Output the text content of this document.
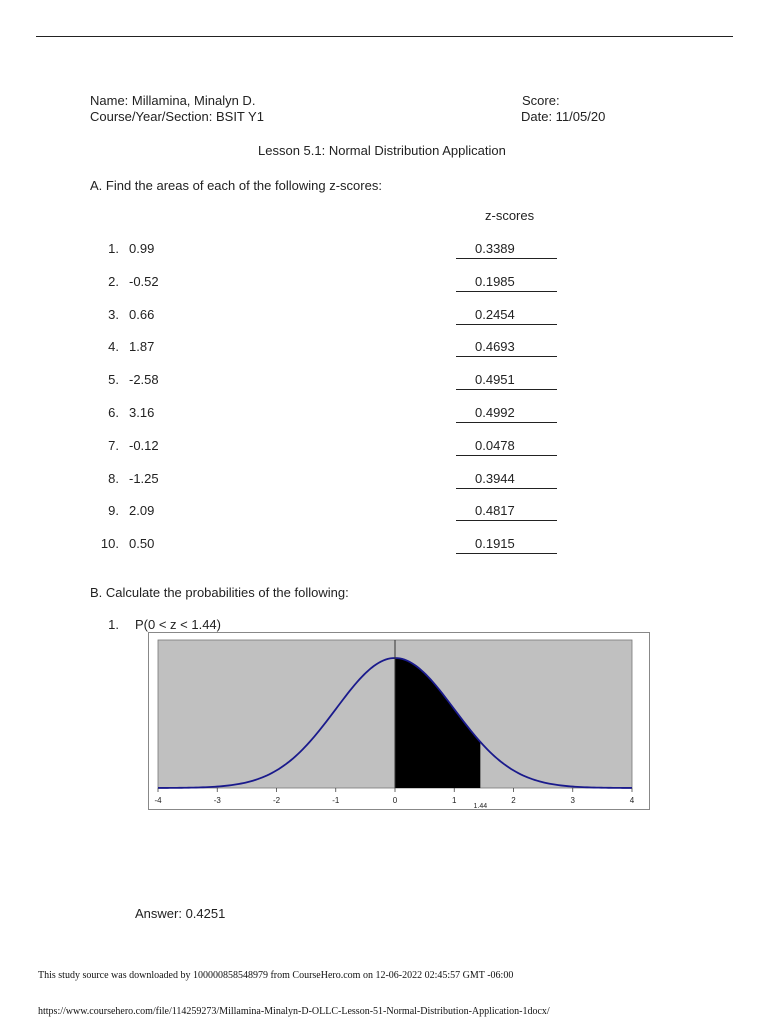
Name: Millamina, Minalyn D.
Course/Year/Section: BSIT Y1
Score:
Date: 11/05/20
Lesson 5.1: Normal Distribution Application
A. Find the areas of each of the following z-scores:
z-scores
1. 0.99	0.3389
2. -0.52	0.1985
3. 0.66	0.2454
4. 1.87	0.4693
5. -2.58	0.4951
6. 3.16	0.4992
7. -0.12	0.0478
8. -1.25	0.3944
9. 2.09	0.4817
10. 0.50	0.1915
B. Calculate the probabilities of the following:
1. P(0 < z < 1.44)
-4	-3	-2	-1	0	1	2	3	4
1.44
Answer: 0.4251
This study source was downloaded by 100000858548979 from CourseHero.com on 12-06-2022 02:45:57 GMT -06:00
https://www.coursehero.com/file/114259273/Millamina-Minalyn-D-OLLC-Lesson-51-Normal-Distribution-Application-1docx/
